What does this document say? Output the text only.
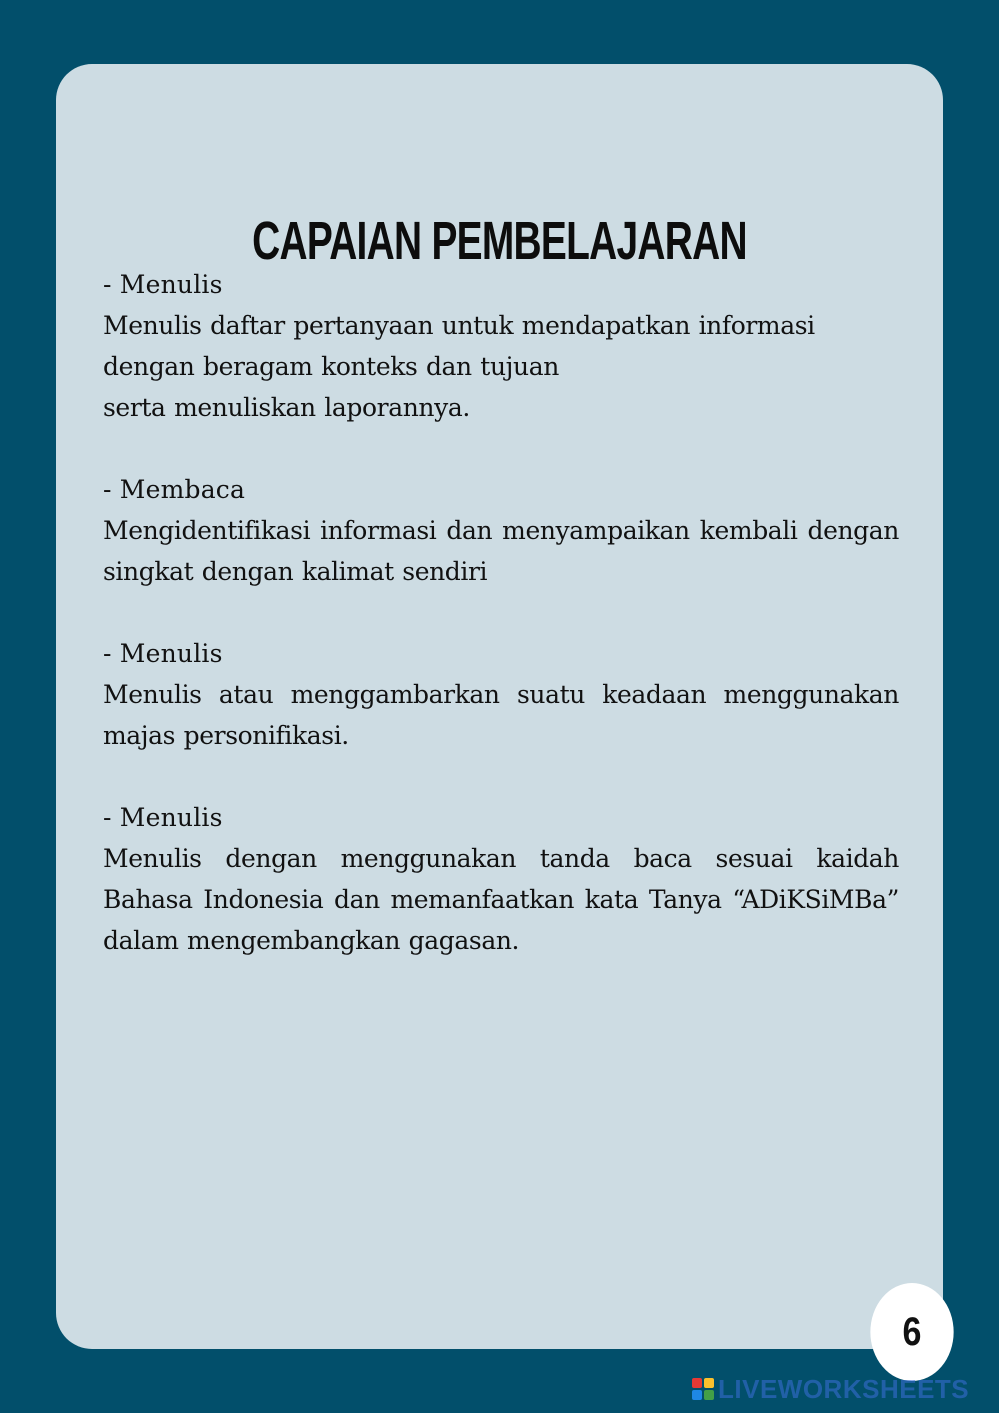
CAPAIAN PEMBELAJARAN
- Menulis
Menulis daftar pertanyaan untuk mendapatkan informasi dengan beragam konteks dan tujuan
serta menuliskan laporannya.
- Membaca
Mengidentifikasi informasi dan menyampaikan kembali dengan singkat dengan kalimat sendiri
- Menulis
Menulis atau menggambarkan suatu keadaan menggunakan majas personifikasi.
- Menulis
Menulis dengan menggunakan tanda baca sesuai kaidah Bahasa Indonesia dan memanfaatkan kata Tanya “ADiKSiMBa” dalam mengembangkan gagasan.
6
LIVEWORKSHEETS
